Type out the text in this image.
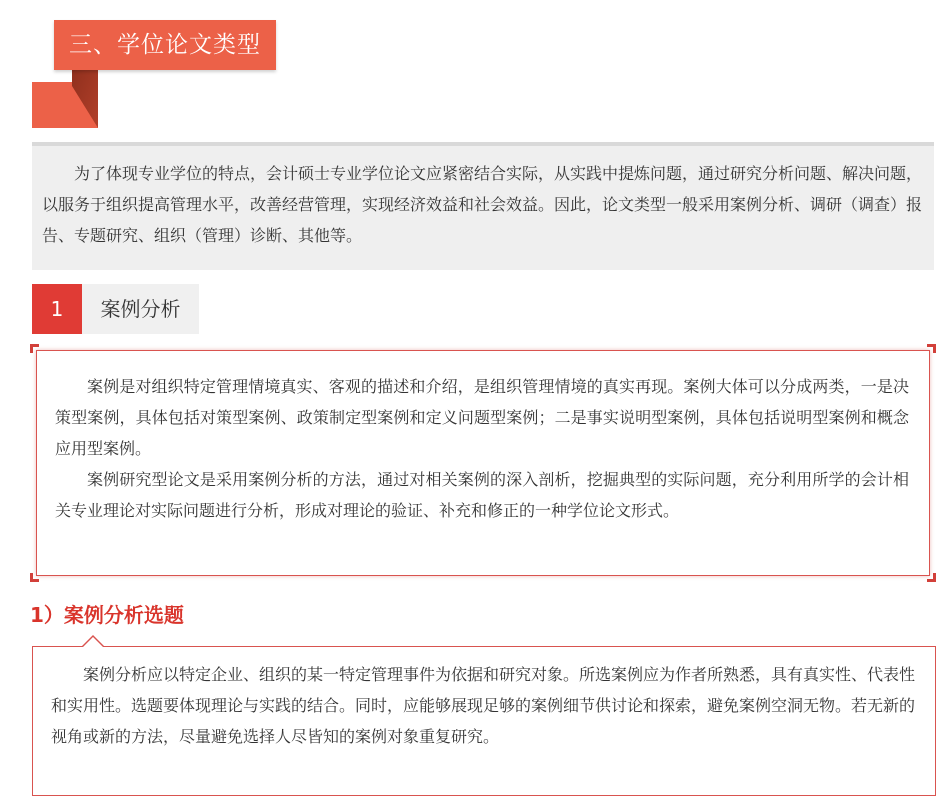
三、学位论文类型

为了体现专业学位的特点，会计硕士专业学位论文应紧密结合实际，从实践中提炼问题，通过研究分析问题、解决问题，以服务于组织提高管理水平，改善经营管理，实现经济效益和社会效益。因此，论文类型一般采用案例分析、调研（调查）报告、专题研究、组织（管理）诊断、其他等。

1	案例分析

案例是对组织特定管理情境真实、客观的描述和介绍，是组织管理情境的真实再现。案例大体可以分成两类，一是决策型案例，具体包括对策型案例、政策制定型案例和定义问题型案例；二是事实说明型案例，具体包括说明型案例和概念应用型案例。

案例研究型论文是采用案例分析的方法，通过对相关案例的深入剖析，挖掘典型的实际问题，充分利用所学的会计相关专业理论对实际问题进行分析，形成对理论的验证、补充和修正的一种学位论文形式。

1）案例分析选题

案例分析应以特定企业、组织的某一特定管理事件为依据和研究对象。所选案例应为作者所熟悉，具有真实性、代表性和实用性。选题要体现理论与实践的结合。同时，应能够展现足够的案例细节供讨论和探索，避免案例空洞无物。若无新的视角或新的方法，尽量避免选择人尽皆知的案例对象重复研究。
